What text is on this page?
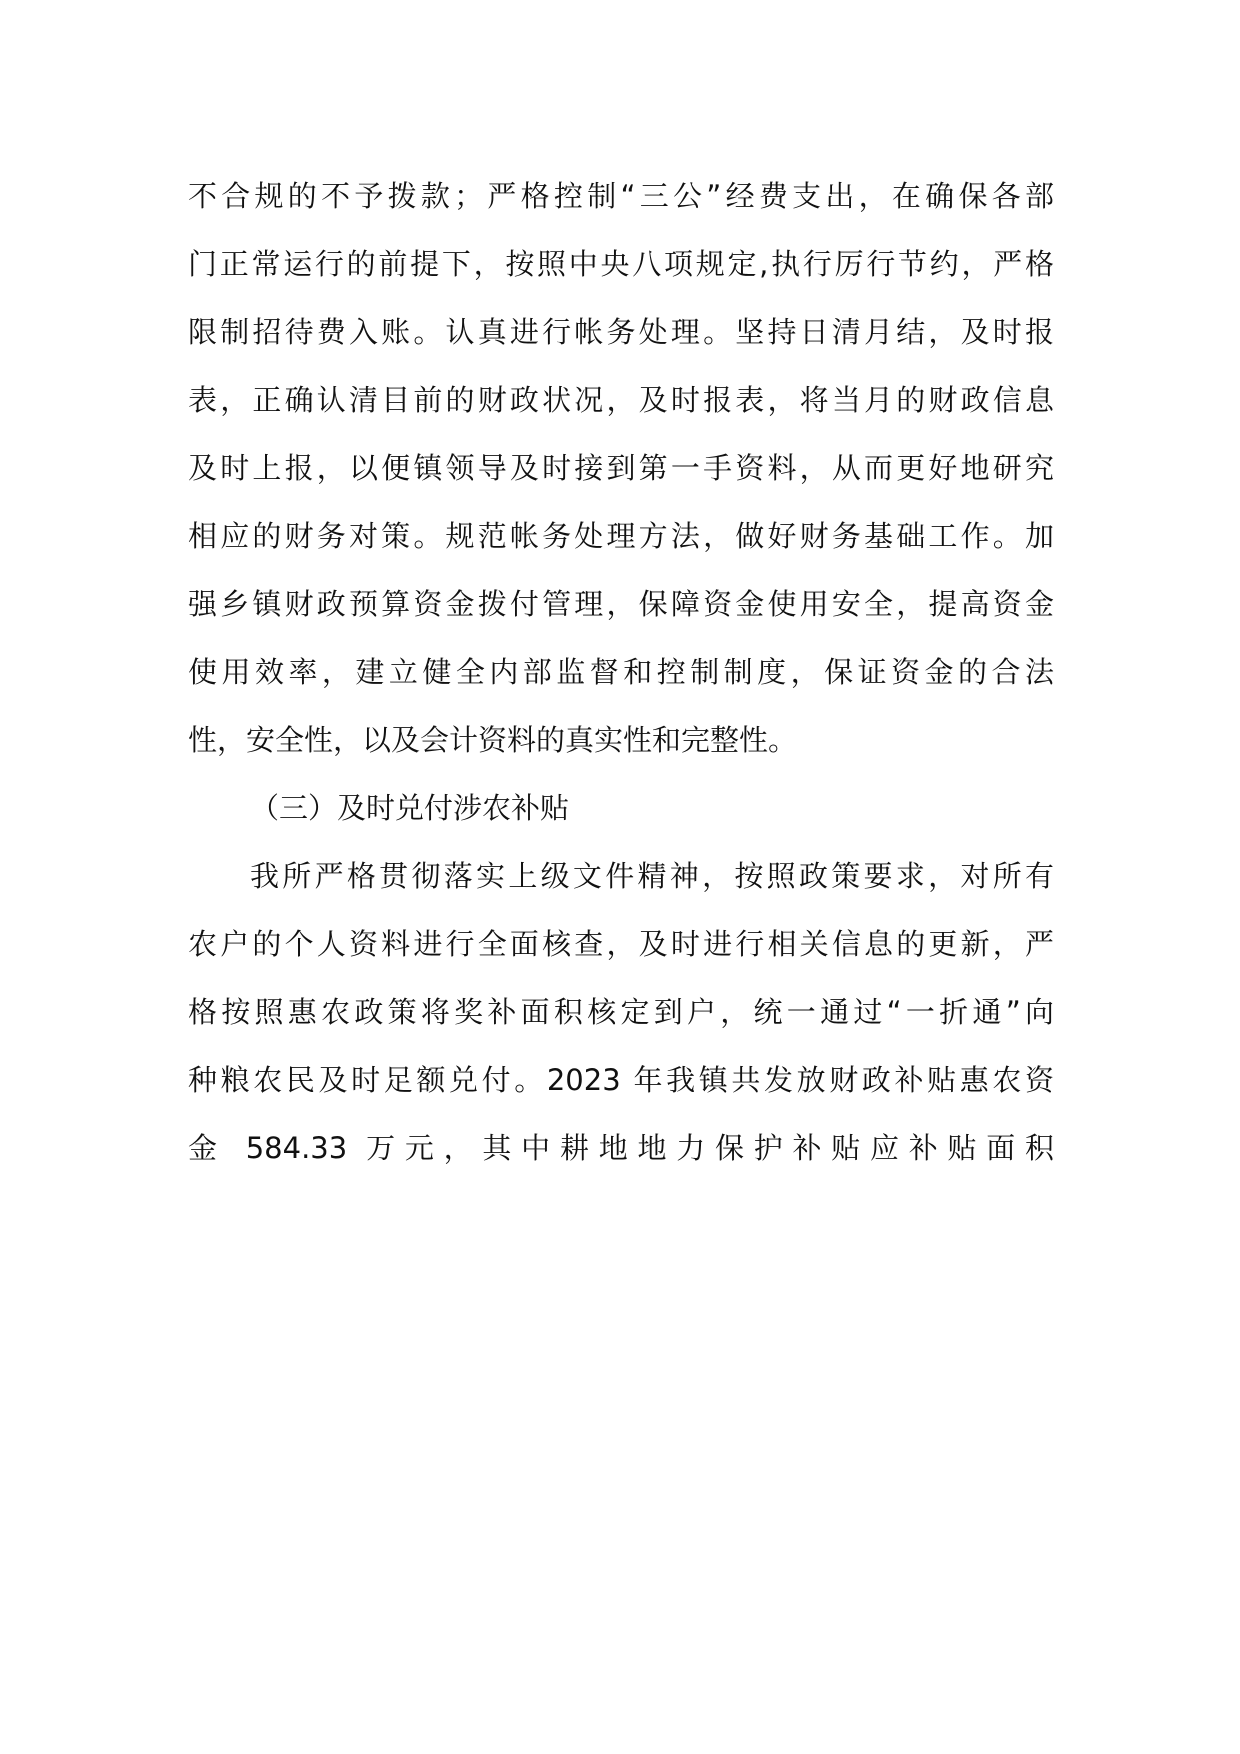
不合规的不予拨款；严格控制“三公”经费支出，在确保各部
门正常运行的前提下，按照中央八项规定,执行厉行节约，严格
限制招待费入账。认真进行帐务处理。坚持日清月结，及时报
表，正确认清目前的财政状况，及时报表，将当月的财政信息
及时上报，以便镇领导及时接到第一手资料，从而更好地研究
相应的财务对策。规范帐务处理方法，做好财务基础工作。加
强乡镇财政预算资金拨付管理，保障资金使用安全，提高资金
使用效率，建立健全内部监督和控制制度，保证资金的合法
性，安全性，以及会计资料的真实性和完整性。
（三）及时兑付涉农补贴
我所严格贯彻落实上级文件精神，按照政策要求，对所有
农户的个人资料进行全面核查，及时进行相关信息的更新，严
格按照惠农政策将奖补面积核定到户，统一通过“一折通”向
种粮农民及时足额兑付。2023 年我镇共发放财政补贴惠农资
金 584.33 万元，其中耕地地力保护补贴应补贴面积
